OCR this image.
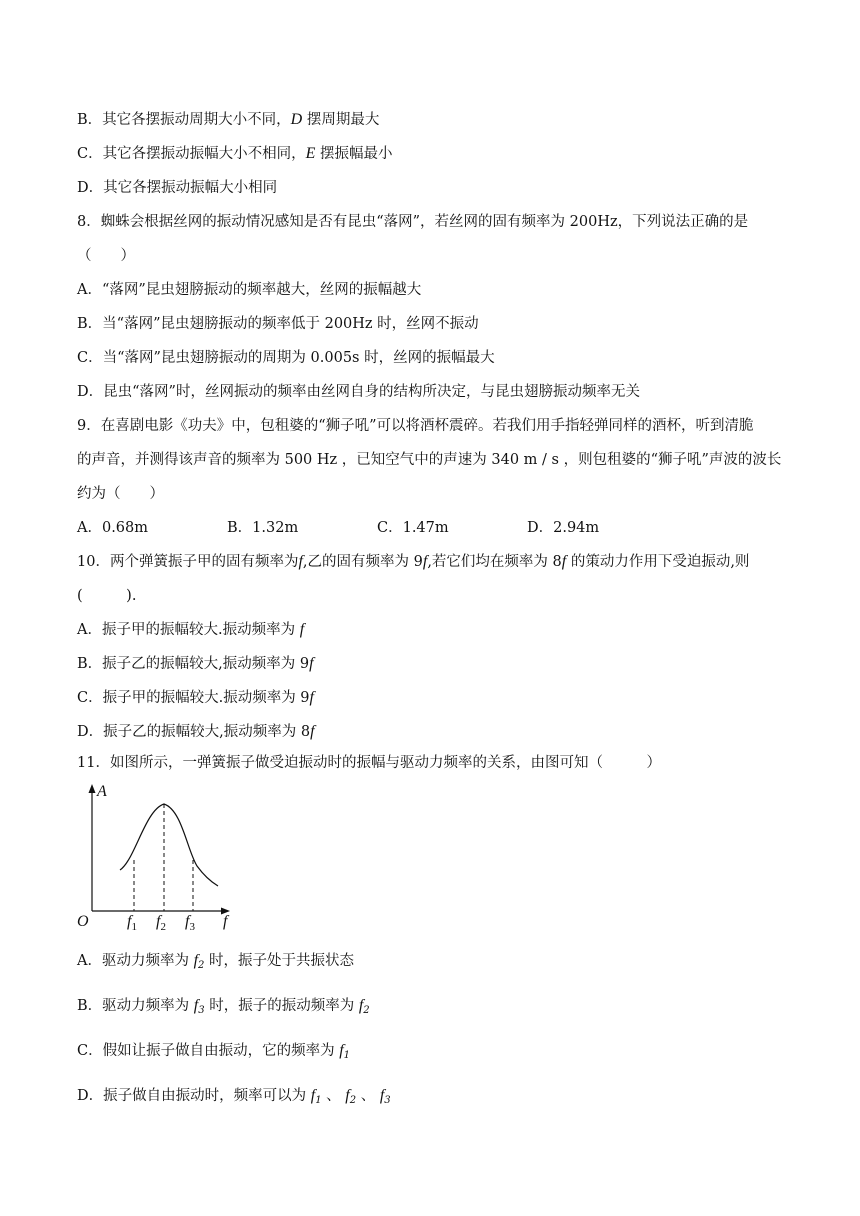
B．其它各摆振动周期大小不同，D 摆周期最大
C．其它各摆振动振幅大小不相同，E 摆振幅最小
D．其它各摆振动振幅大小相同
8．蜘蛛会根据丝网的振动情况感知是否有昆虫“落网”，若丝网的固有频率为 200Hz，下列说法正确的是
（　　）
A．“落网”昆虫翅膀振动的频率越大，丝网的振幅越大
B．当“落网”昆虫翅膀振动的频率低于 200Hz 时，丝网不振动
C．当“落网”昆虫翅膀振动的周期为 0.005s 时，丝网的振幅最大
D．昆虫“落网”时，丝网振动的频率由丝网自身的结构所决定，与昆虫翅膀振动频率无关
9．在喜剧电影《功夫》中，包租婆的“狮子吼”可以将酒杯震碎。若我们用手指轻弹同样的酒杯，听到清脆
的声音，并测得该声音的频率为 500 Hz ，已知空气中的声速为 340 m / s ，则包租婆的“狮子吼”声波的波长
约为（　　）
A．0.68m	B．1.32m	C．1.47m	D．2.94m
10．两个弹簧振子甲的固有频率为f,乙的固有频率为 9f,若它们均在频率为 8f 的策动力作用下受迫振动,则
(　　　).
A．振子甲的振幅较大.振动频率为 f
B．振子乙的振幅较大,振动频率为 9f
C．振子甲的振幅较大.振动频率为 9f
D．振子乙的振幅较大,振动频率为 8f
11．如图所示，一弹簧振子做受迫振动时的振幅与驱动力频率的关系，由图可知（　　　）
A
O	f
$f_1$ $f_2$ $f_3$
A．驱动力频率为 $f_2$ 时，振子处于共振状态
B．驱动力频率为 $f_3$ 时，振子的振动频率为 $f_2$
C．假如让振子做自由振动，它的频率为 $f_1$
D．振子做自由振动时，频率可以为 $f_1$ 、 $f_2$ 、 $f_3$
